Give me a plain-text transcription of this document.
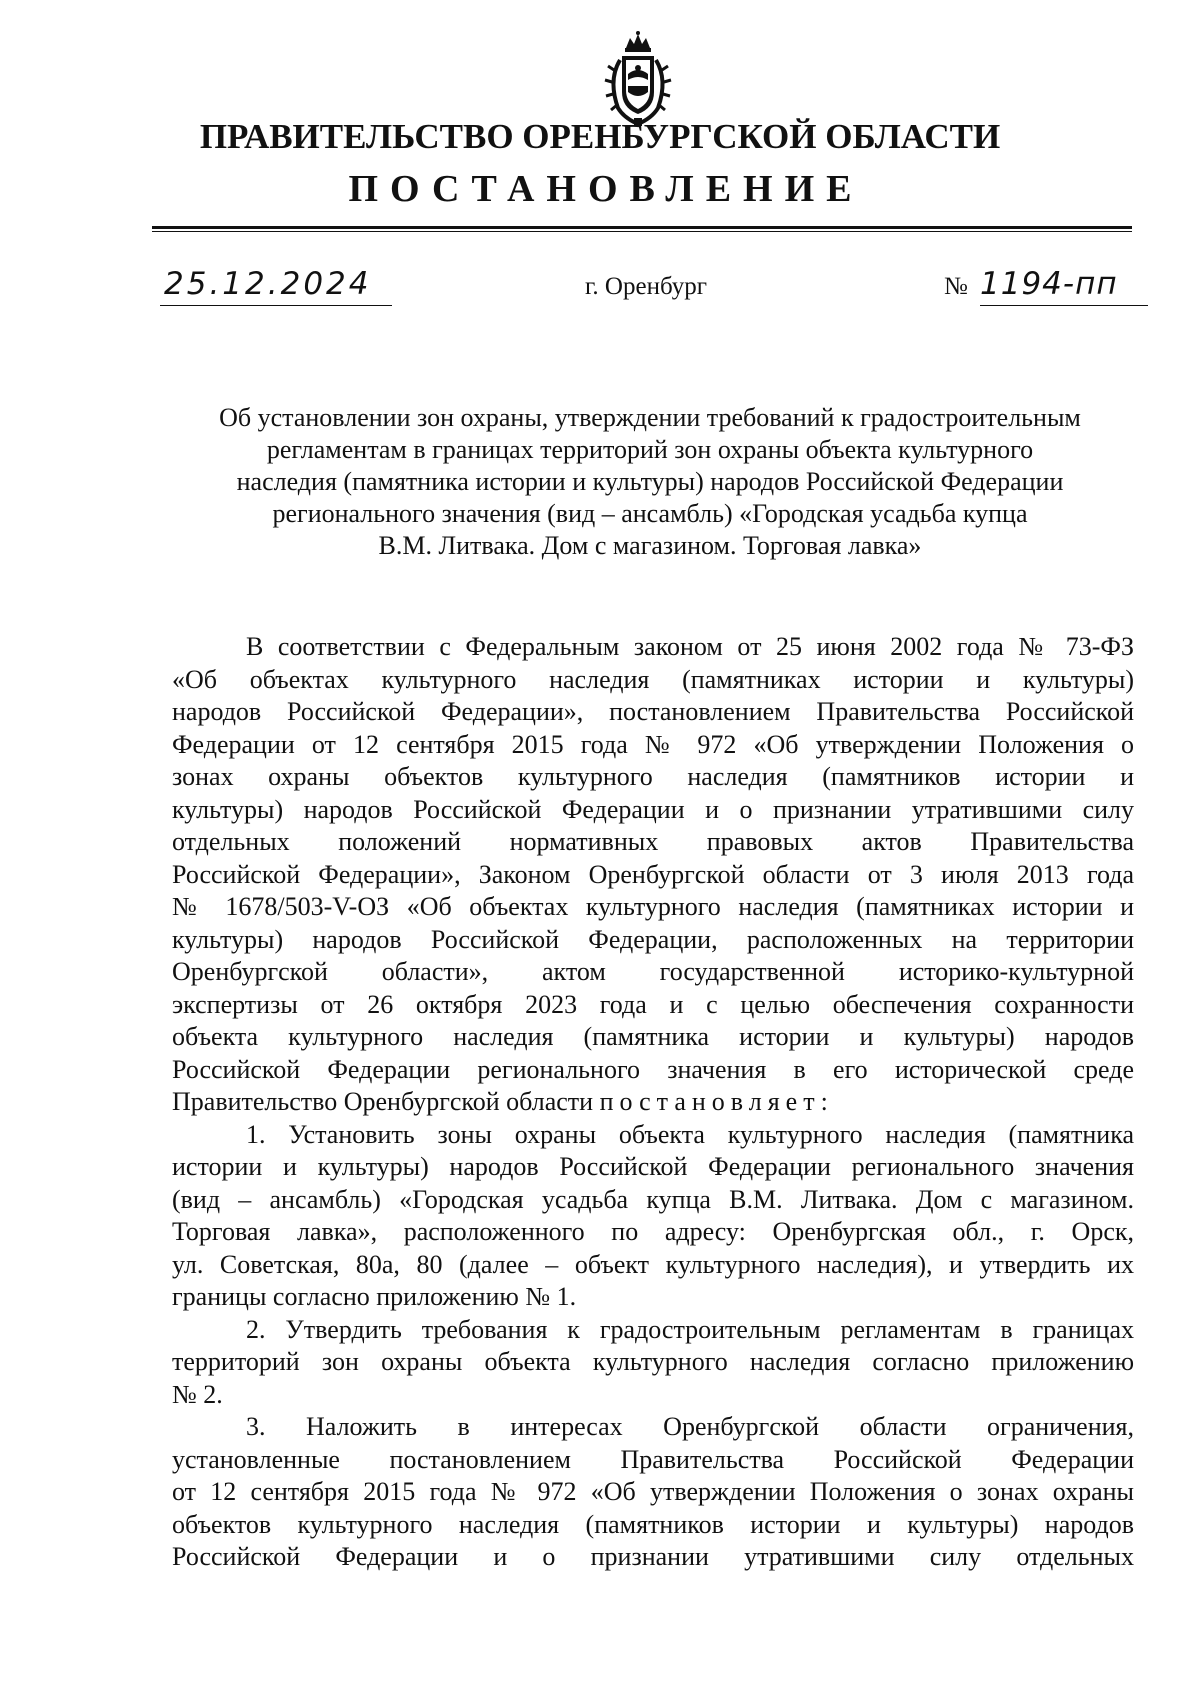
ПРАВИТЕЛЬСТВО ОРЕНБУРГСКОЙ ОБЛАСТИ
ПОСТАНОВЛЕНИЕ
25.12.2024	г. Оренбург	№ 1194-пп
Об установлении зон охраны, утверждении требований к градостроительным
регламентам в границах территорий зон охраны объекта культурного
наследия (памятника истории и культуры) народов Российской Федерации
регионального значения (вид – ансамбль) «Городская усадьба купца
В.М. Литвака. Дом с магазином. Торговая лавка»
В соответствии с Федеральным законом от 25 июня 2002 года № 73-ФЗ
«Об объектах культурного наследия (памятниках истории и культуры)
народов Российской Федерации», постановлением Правительства Российской
Федерации от 12 сентября 2015 года № 972 «Об утверждении Положения о
зонах охраны объектов культурного наследия (памятников истории и
культуры) народов Российской Федерации и о признании утратившими силу
отдельных положений нормативных правовых актов Правительства
Российской Федерации», Законом Оренбургской области от 3 июля 2013 года
№ 1678/503-V-ОЗ «Об объектах культурного наследия (памятниках истории и
культуры) народов Российской Федерации, расположенных на территории
Оренбургской области», актом государственной историко-культурной
экспертизы от 26 октября 2023 года и с целью обеспечения сохранности
объекта культурного наследия (памятника истории и культуры) народов
Российской Федерации регионального значения в его исторической среде
Правительство Оренбургской области постановляет:
1. Установить зоны охраны объекта культурного наследия (памятника
истории и культуры) народов Российской Федерации регионального значения
(вид – ансамбль) «Городская усадьба купца В.М. Литвака. Дом с магазином.
Торговая лавка», расположенного по адресу: Оренбургская обл., г. Орск,
ул. Советская, 80а, 80 (далее – объект культурного наследия), и утвердить их
границы согласно приложению № 1.
2. Утвердить требования к градостроительным регламентам в границах
территорий зон охраны объекта культурного наследия согласно приложению
№ 2.
3. Наложить в интересах Оренбургской области ограничения,
установленные постановлением Правительства Российской Федерации
от 12 сентября 2015 года № 972 «Об утверждении Положения о зонах охраны
объектов культурного наследия (памятников истории и культуры) народов
Российской Федерации и о признании утратившими силу отдельных
